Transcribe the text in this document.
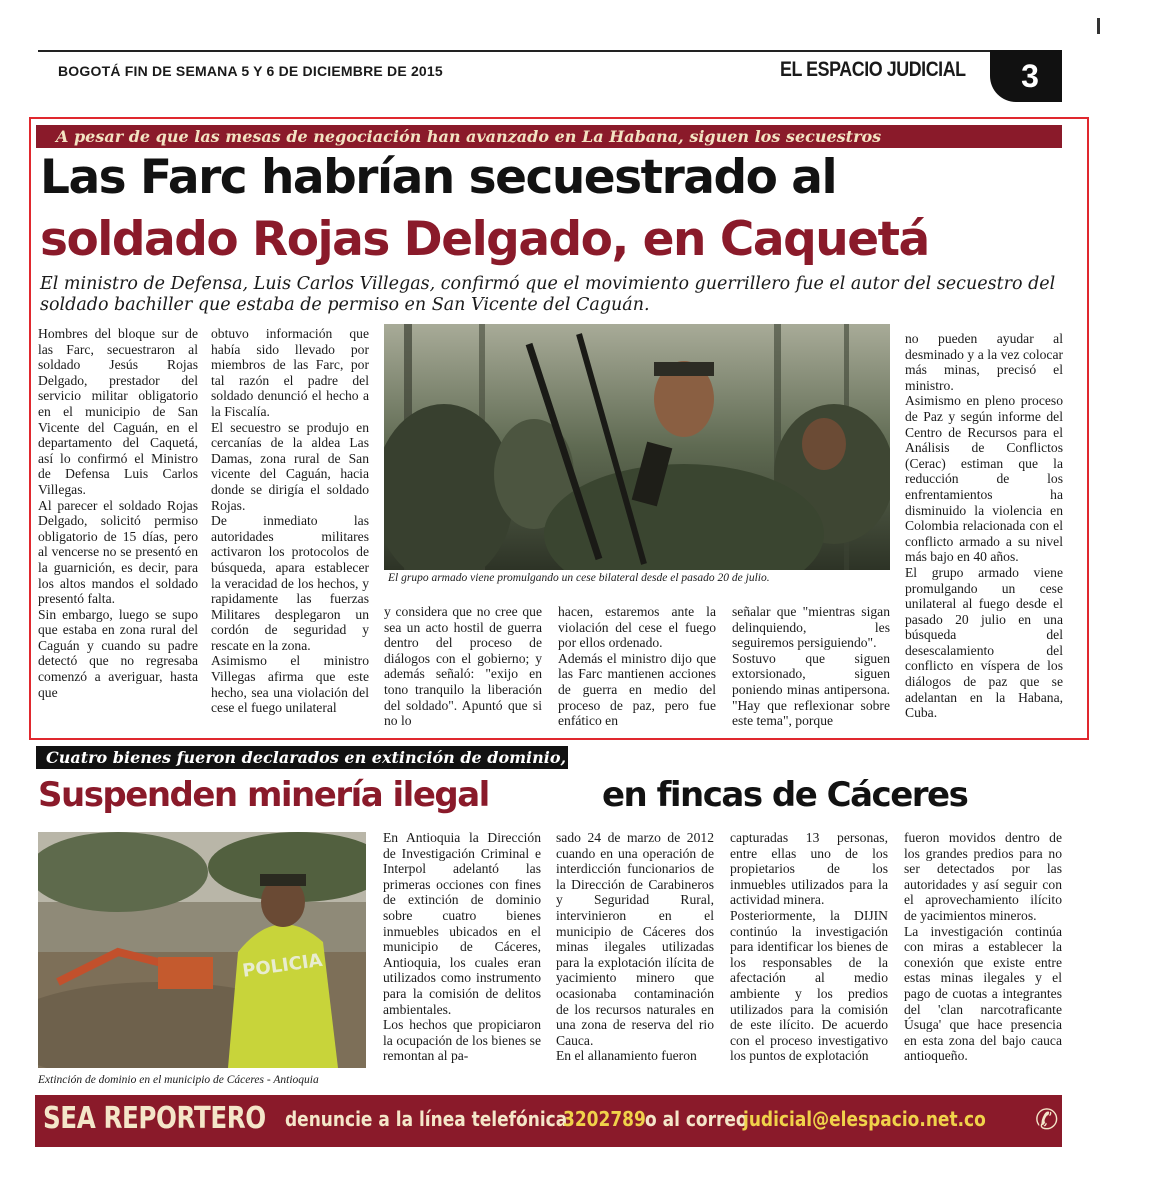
BOGOTÁ FIN DE SEMANA 5 Y 6 DE DICIEMBRE DE 2015	EL ESPACIO JUDICIAL	3
A pesar de que las mesas de negociación han avanzado en La Habana, siguen los secuestros
Las Farc habrían secuestrado al
soldado Rojas Delgado, en Caquetá
El ministro de Defensa, Luis Carlos Villegas, confirmó que el movimiento guerrillero fue el autor del secuestro del soldado bachiller que estaba de permiso en San Vicente del Caguán.

Hombres del bloque sur de las Farc, secuestraron al soldado Jesús Rojas Delgado, prestador del servicio militar obligatorio en el municipio de San Vicente del Caguán, en el departamento del Caquetá, así lo confirmó el Ministro de Defensa Luis Carlos Villegas.
Al parecer el soldado Rojas Delgado, solicitó permiso obligatorio de 15 días, pero al vencerse no se presentó en la guarnición, es decir, para los altos mandos el soldado presentó falta.
Sin embargo, luego se supo que estaba en zona rural del Caguán y cuando su padre detectó que no regresaba comenzó a averiguar, hasta que

obtuvo información que había sido llevado por miembros de las Farc, por tal razón el padre del soldado denunció el hecho a la Fiscalía.
El secuestro se produjo en cercanías de la aldea Las Damas, zona rural de San vicente del Caguán, hacia donde se dirigía el soldado Rojas.
De inmediato las autoridades militares activaron los protocolos de búsqueda, apara establecer la veracidad de los hechos, y rapidamente las fuerzas Militares desplegaron un cordón de seguridad y rescate en la zona.
Asimismo el ministro Villegas afirma que este hecho, sea una violación del cese el fuego unilateral

El grupo armado viene promulgando un cese bilateral desde el pasado 20 de julio.

y considera que no cree que sea un acto hostil de guerra dentro del proceso de diálogos con el gobierno; y además señaló: "exijo en tono tranquilo la liberación del soldado". Apuntó que si no lo

hacen, estaremos ante la violación del cese el fuego por ellos ordenado.
Además el ministro dijo que las Farc mantienen acciones de guerra en medio del proceso de paz, pero fue enfático en

señalar que "mientras sigan delinquiendo, les seguiremos persiguiendo".
Sostuvo que siguen extorsionado, siguen poniendo minas antipersona. "Hay que reflexionar sobre este tema", porque

no pueden ayudar al desminado y a la vez colocar más minas, precisó el ministro.
Asimismo en pleno proceso de Paz y según informe del Centro de Recursos para el Análisis de Conflictos (Cerac) estiman que la reducción de los enfrentamientos ha disminuido la violencia en Colombia relacionada con el conflicto armado a su nivel más bajo en 40 años.
El grupo armado viene promulgando un cese unilateral al fuego desde el pasado 20 julio en una búsqueda del desescalamiento del conflicto en víspera de los diálogos de paz que se adelantan en la Habana, Cuba.

Cuatro bienes fueron declarados en extinción de dominio,
Suspenden minería ilegal	en fincas de Cáceres
POLICIA
Extinción de dominio en el municipio de Cáceres - Antioquia

En Antioquia la Dirección de Investigación Criminal e Interpol adelantó las primeras occiones con fines de extinción de dominio sobre cuatro bienes inmuebles ubicados en el municipio de Cáceres, Antioquia, los cuales eran utilizados como instrumento para la comisión de delitos ambientales.
Los hechos que propiciaron la ocupación de los bienes se remontan al pa-

sado 24 de marzo de 2012 cuando en una operación de interdicción funcionarios de la Dirección de Carabineros y Seguridad Rural, intervinieron en el municipio de Cáceres dos minas ilegales utilizadas para la explotación ilícita de yacimiento minero que ocasionaba contaminación de los recursos naturales en una zona de reserva del rio Cauca.
En el allanamiento fueron

capturadas 13 personas, entre ellas uno de los propietarios de los inmuebles utilizados para la actividad minera.
Posteriormente, la DIJIN continúo la investigación para identificar los bienes de los responsables de la afectación al medio ambiente y los predios utilizados para la comisión de este ilícito. De acuerdo con el proceso investigativo los puntos de explotación

fueron movidos dentro de los grandes predios para no ser detectados por las autoridades y así seguir con el aprovechamiento ilícito de yacimientos mineros.
La investigación continúa con miras a establecer la conexión que existe entre estas minas ilegales y el pago de cuotas a integrantes del 'clan narcotraficante Úsuga' que hace presencia en esta zona del bajo cauca antioqueño.

SEA REPORTERO denuncie a la línea telefónica
3202789 o al correo
judicial@elespacio.net.co ✆
